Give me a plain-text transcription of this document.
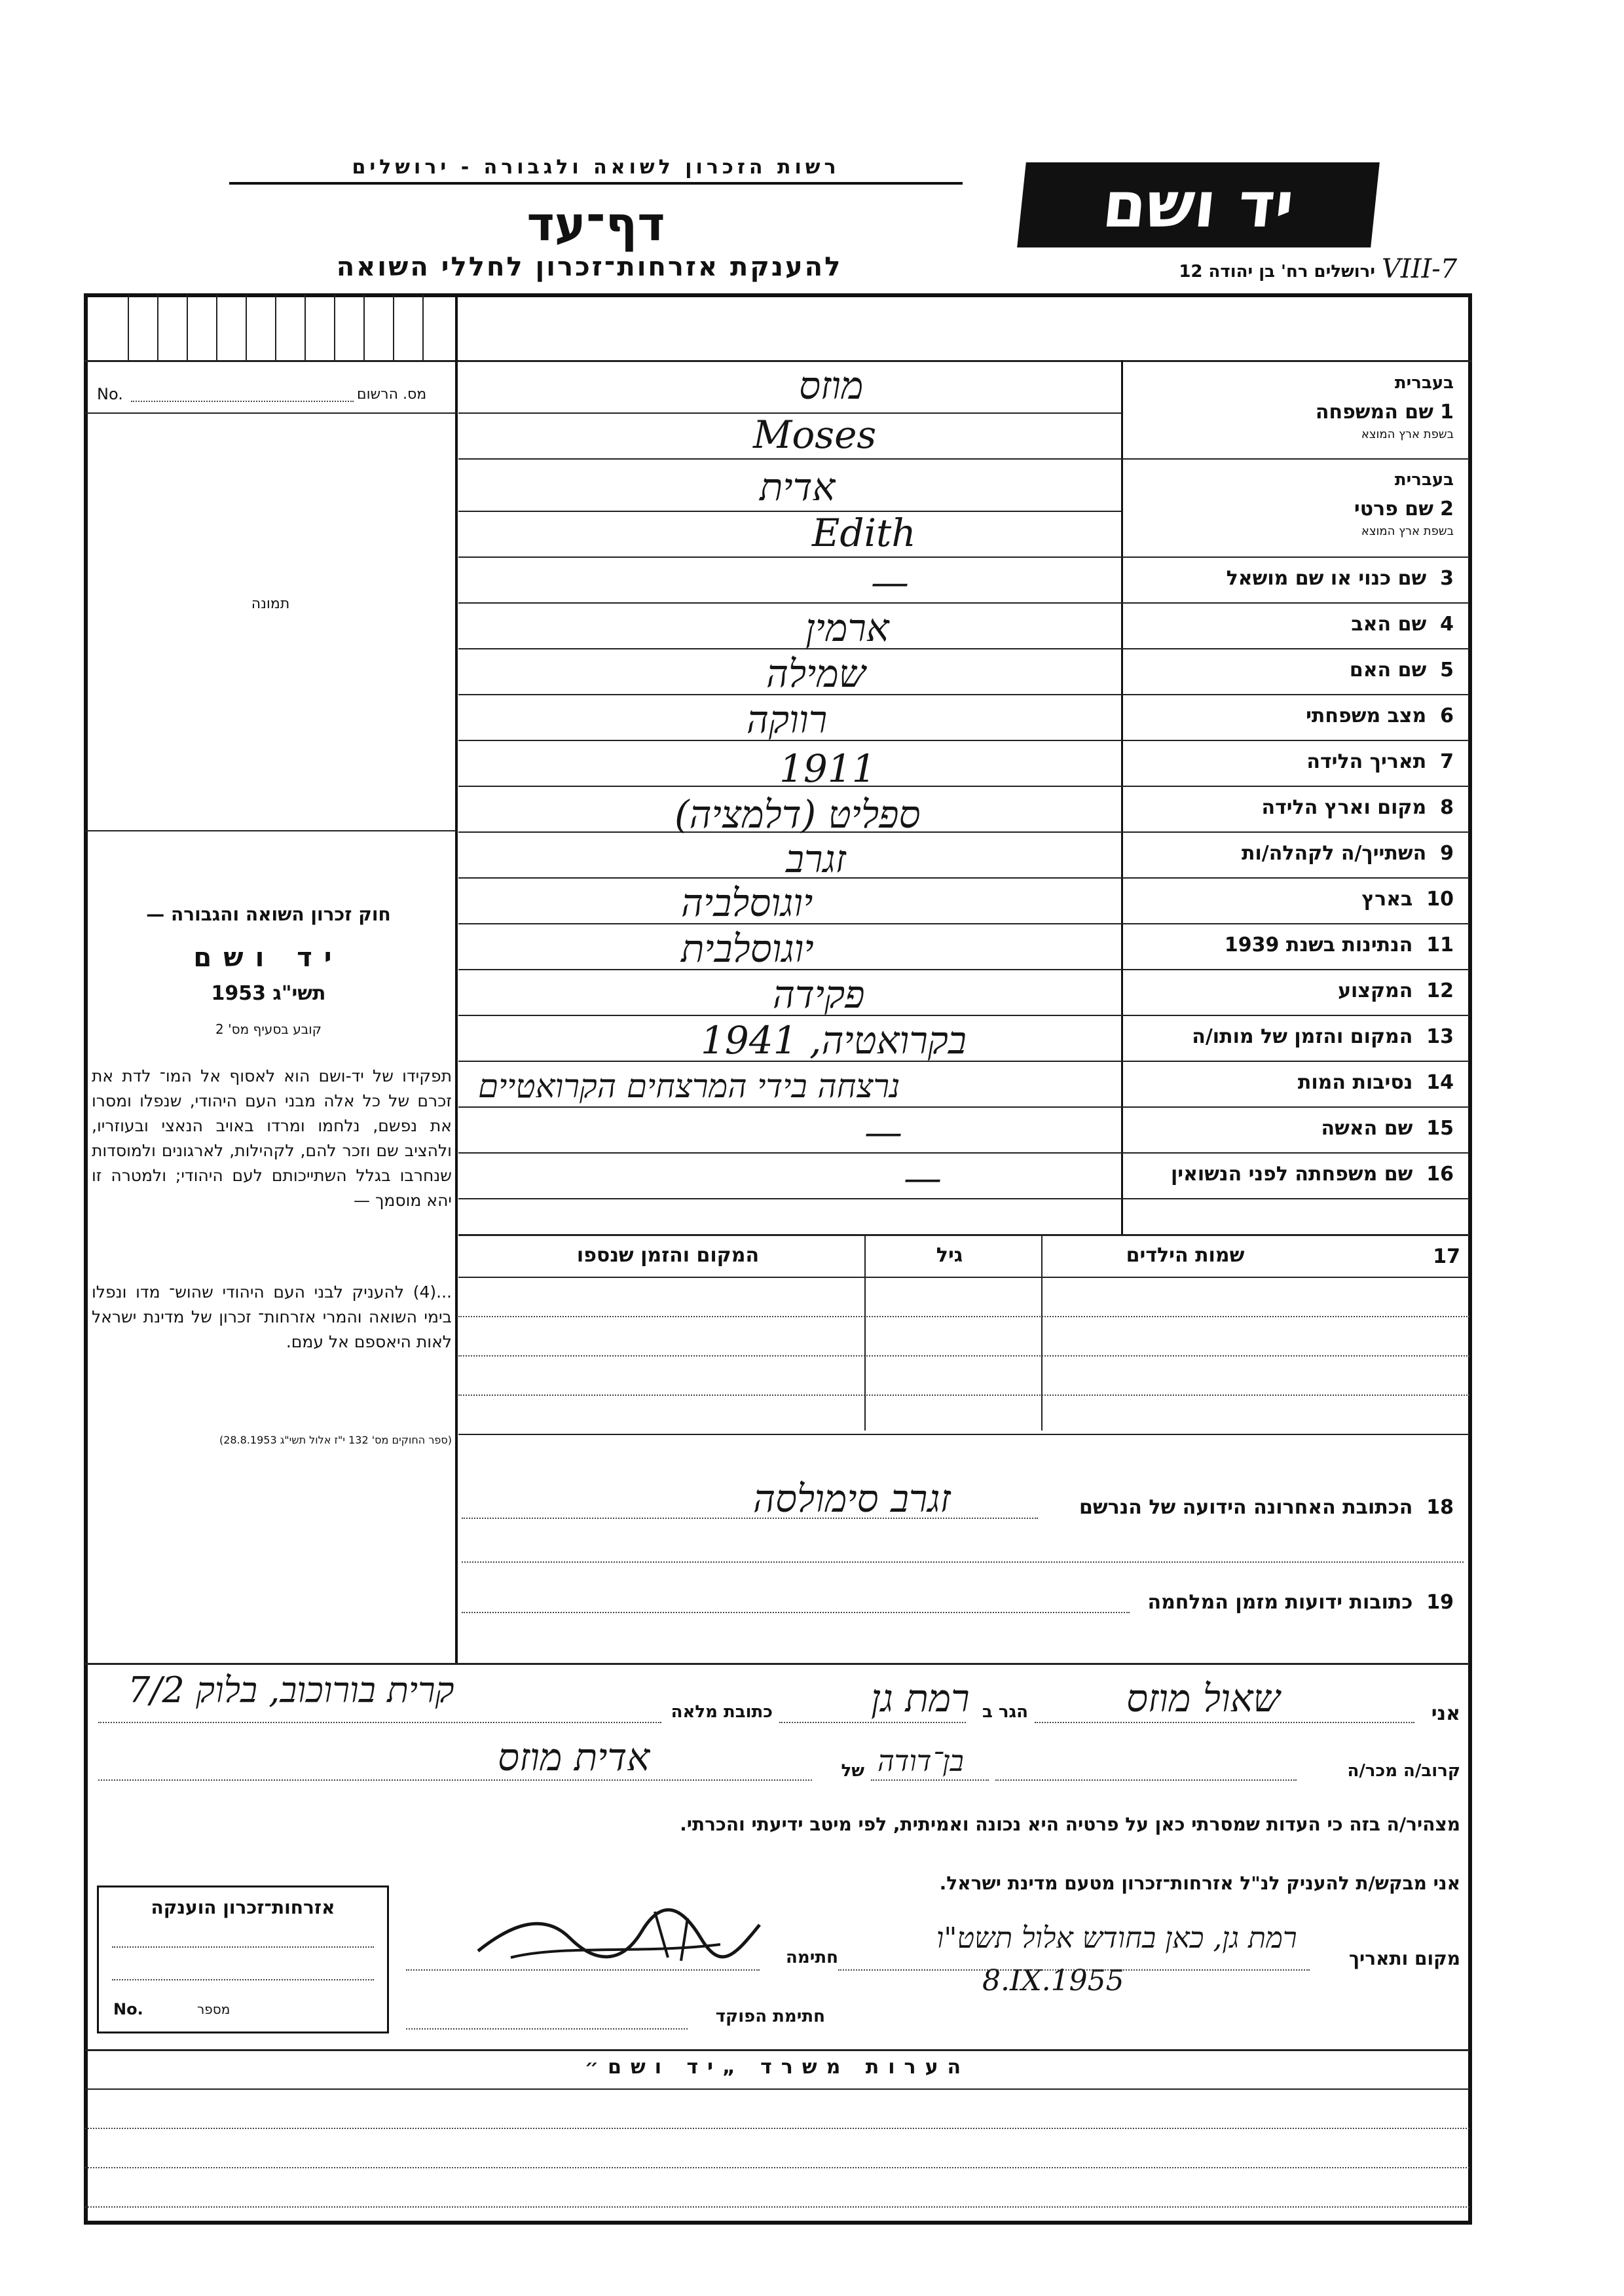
רשות הזכרון לשואה ולגבורה - ירושלים
דף־עד
להענקת אזרחות־זכרון לחללי השואה
יד ושם
ירושלים רח' בן יהודה 12 VIII-7
No.	מס. הרשום
תמונה
חוק זכרון השואה והגבורה —
יד ושם
תשי"ג 1953
קובע בסעיף מס' 2
תפקידו של יד-ושם הוא לאסוף אל המו־ לדת את זכרם של כל אלה מבני העם היהודי, שנפלו ומסרו את נפשם, נלחמו ומרדו באויב הנאצי ובעוזריו, ולהציב שם וזכר להם, לקהילות, לארגונים ולמוסדות שנחרבו בגלל השתייכותם לעם היהודי; ולמטרה זו יהא מוסמך —
...(4) להעניק לבני העם היהודי שהוש־ מדו ונפלו בימי השואה והמרי אזרחות־ זכרון של מדינת ישראל לאות היאספם אל עמם.
(ספר החוקים מס' 132 י"ז אלול תשי"ג 28.8.1953)
בעברית
1  שם המשפחה
בשפת ארץ המוצא
מוזס
Moses
בעברית
2  שם פרטי
בשפת ארץ המוצא
אדית
Edith
3  שם כנוי או שם מושאל
4  שם האב
5  שם האם
6  מצב משפחתי
7  תאריך הלידה
8  מקום וארץ הלידה
9  השתייך/ה לקהלה/ות
10  בארץ
11  הנתינות בשנת 1939
12  המקצוע
13  המקום והזמן של מותו/ה
14  נסיבות המות
15  שם האשה
16  שם משפחתה לפני הנשואין
—
ארמין
שמילה
רווקה
1911
ספליט (דלמציה)
זגרב
יוגוסלביה
יוגוסלבית
פקידה
בקרואטיה, 1941
נרצחה בידי המרצחים הקרואטיים
—
—
17
שמות הילדים
גיל
המקום והזמן שנספו
18  הכתובת האחרונה הידועה של הנרשם
זגרב סימולסה
19  כתובות ידועות מזמן המלחמה
אני
שאול מוזס
הגר ב
רמת גן
כתובת מלאה
קרית בורוכוב, בלוק 7/2
קרוב/ה מכר/ה
בן־דודה
של
אדית מוזס
מצהיר/ה בזה כי העדות שמסרתי כאן על פרטיה היא נכונה ואמיתית, לפי מיטב ידיעתי והכרתי.
אני מבקש/ת להעניק לנ"ל אזרחות־זכרון מטעם מדינת ישראל.
מקום ותאריך
רמת גן, כאן בחודש אלול תשט"ו
8.IX.1955
חתימה
חתימת הפוקד
אזרחות־זכרון הוענקה
No.	מספר
הערות משרד „יד ושם״
